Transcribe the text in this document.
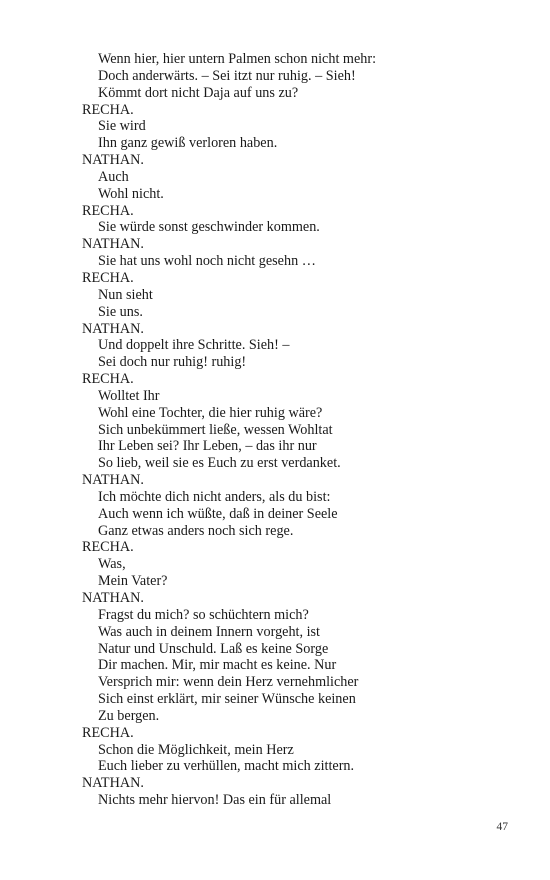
Wenn hier, hier untern Palmen schon nicht mehr:
Doch anderwärts. – Sei itzt nur ruhig. – Sieh!
Kömmt dort nicht Daja auf uns zu?
RECHA.
Sie wird
Ihn ganz gewiß verloren haben.
NATHAN.
Auch
Wohl nicht.
RECHA.
Sie würde sonst geschwinder kommen.
NATHAN.
Sie hat uns wohl noch nicht gesehn …
RECHA.
Nun sieht
Sie uns.
NATHAN.
Und doppelt ihre Schritte. Sieh! –
Sei doch nur ruhig! ruhig!
RECHA.
Wolltet Ihr
Wohl eine Tochter, die hier ruhig wäre?
Sich unbekümmert ließe, wessen Wohltat
Ihr Leben sei? Ihr Leben, – das ihr nur
So lieb, weil sie es Euch zu erst verdanket.
NATHAN.
Ich möchte dich nicht anders, als du bist:
Auch wenn ich wüßte, daß in deiner Seele
Ganz etwas anders noch sich rege.
RECHA.
Was,
Mein Vater?
NATHAN.
Fragst du mich? so schüchtern mich?
Was auch in deinem Innern vorgeht, ist
Natur und Unschuld. Laß es keine Sorge
Dir machen. Mir, mir macht es keine. Nur
Versprich mir: wenn dein Herz vernehmlicher
Sich einst erklärt, mir seiner Wünsche keinen
Zu bergen.
RECHA.
Schon die Möglichkeit, mein Herz
Euch lieber zu verhüllen, macht mich zittern.
NATHAN.
Nichts mehr hiervon! Das ein für allemal
47
